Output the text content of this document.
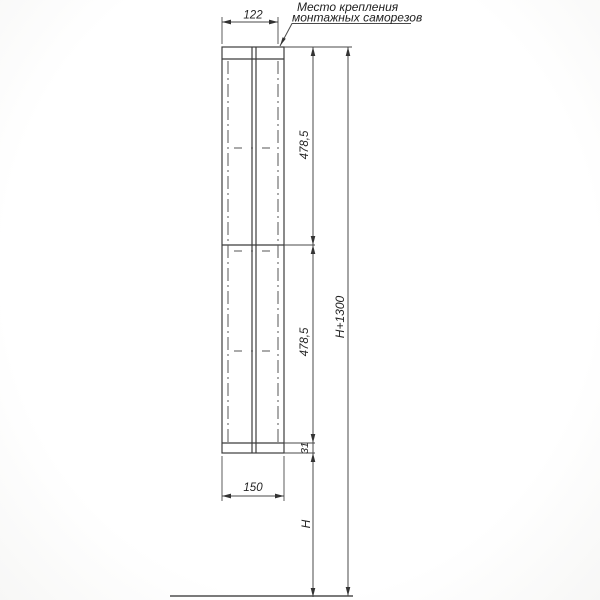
Место крепления
монтажных саморезов
122
478,5
478,5
31
H
H+1300
150
